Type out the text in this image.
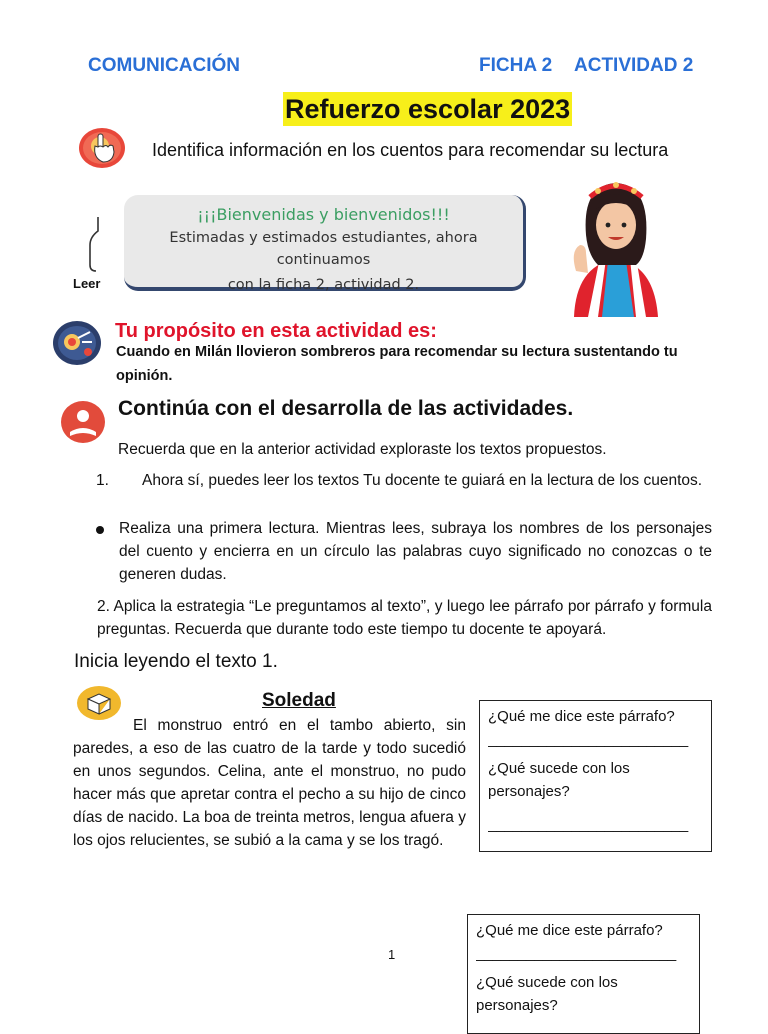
COMUNICACIÓN	FICHA 2 ACTIVIDAD 2
Refuerzo escolar 2023
Identifica información en los cuentos para recomendar su lectura
Leer
¡¡¡Bienvenidas y bienvenidos!!!
Estimadas y estimados estudiantes, ahora continuamos
con la ficha 2, actividad 2.
Tu propósito en esta actividad es:
Cuando en Milán llovieron sombreros para recomendar su lectura sustentando tu opinión.
Continúa con el desarrolla de las actividades.
Recuerda que en la anterior actividad exploraste los textos propuestos.
1. Ahora sí, puedes leer los textos Tu docente te guiará en la lectura de los cuentos.
Realiza una primera lectura. Mientras lees, subraya los nombres de los personajes del cuento y encierra en un círculo las palabras cuyo significado no conozcas o te generen dudas.
2. Aplica la estrategia “Le preguntamos al texto”, y luego lee párrafo por párrafo y formula preguntas. Recuerda que durante todo este tiempo tu docente te apoyará.
Inicia leyendo el texto 1.
Soledad
El monstruo entró en el tambo abierto, sin paredes, a eso de las cuatro de la tarde y todo sucedió en unos segundos. Celina, ante el monstruo, no pudo hacer más que apretar contra el pecho a su hijo de cinco días de nacido. La boa de treinta metros, lengua afuera y los ojos relucientes, se subió a la cama y se los tragó.
¿Qué me dice este párrafo?
________________________
¿Qué sucede con los personajes?
________________________
¿Qué me dice este párrafo?
________________________
¿Qué sucede con los personajes?
1
